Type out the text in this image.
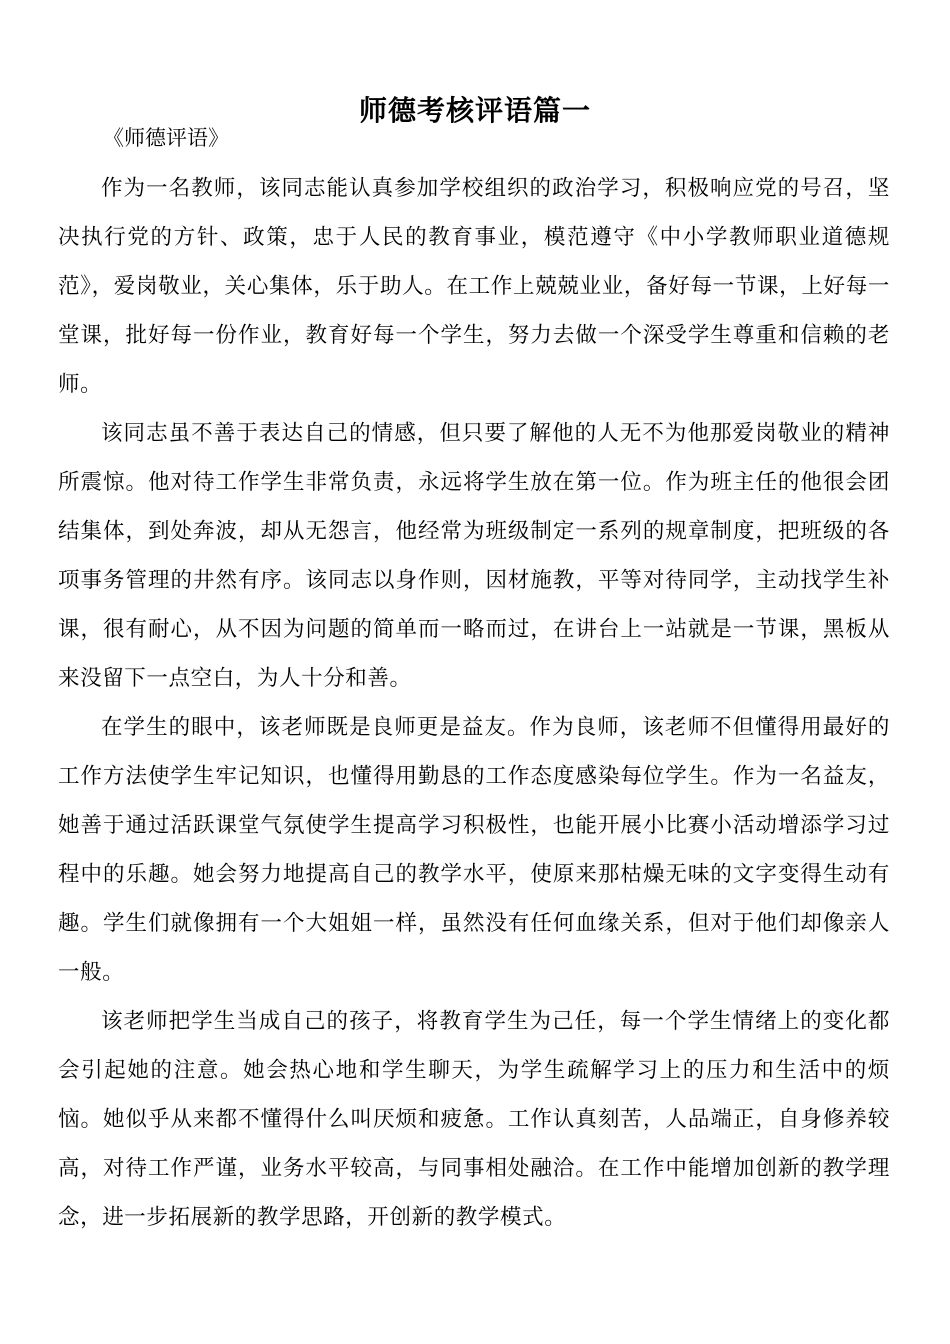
师德考核评语篇一
《师德评语》

作为一名教师，该同志能认真参加学校组织的政治学习，积极响应党的号召，坚决执行党的方针、政策，忠于人民的教育事业，模范遵守《中小学教师职业道德规范》，爱岗敬业，关心集体，乐于助人。在工作上兢兢业业，备好每一节课，上好每一堂课，批好每一份作业，教育好每一个学生，努力去做一个深受学生尊重和信赖的老师。

该同志虽不善于表达自己的情感，但只要了解他的人无不为他那爱岗敬业的精神所震惊。他对待工作学生非常负责，永远将学生放在第一位。作为班主任的他很会团结集体，到处奔波，却从无怨言，他经常为班级制定一系列的规章制度，把班级的各项事务管理的井然有序。该同志以身作则，因材施教，平等对待同学，主动找学生补课，很有耐心，从不因为问题的简单而一略而过，在讲台上一站就是一节课，黑板从来没留下一点空白，为人十分和善。

在学生的眼中，该老师既是良师更是益友。作为良师，该老师不但懂得用最好的工作方法使学生牢记知识，也懂得用勤恳的工作态度感染每位学生。作为一名益友，她善于通过活跃课堂气氛使学生提高学习积极性，也能开展小比赛小活动增添学习过程中的乐趣。她会努力地提高自己的教学水平，使原来那枯燥无味的文字变得生动有趣。学生们就像拥有一个大姐姐一样，虽然没有任何血缘关系，但对于他们却像亲人一般。

该老师把学生当成自己的孩子，将教育学生为己任，每一个学生情绪上的变化都会引起她的注意。她会热心地和学生聊天，为学生疏解学习上的压力和生活中的烦恼。她似乎从来都不懂得什么叫厌烦和疲惫。工作认真刻苦，人品端正，自身修养较高，对待工作严谨，业务水平较高，与同事相处融洽。在工作中能增加创新的教学理念，进一步拓展新的教学思路，开创新的教学模式。
